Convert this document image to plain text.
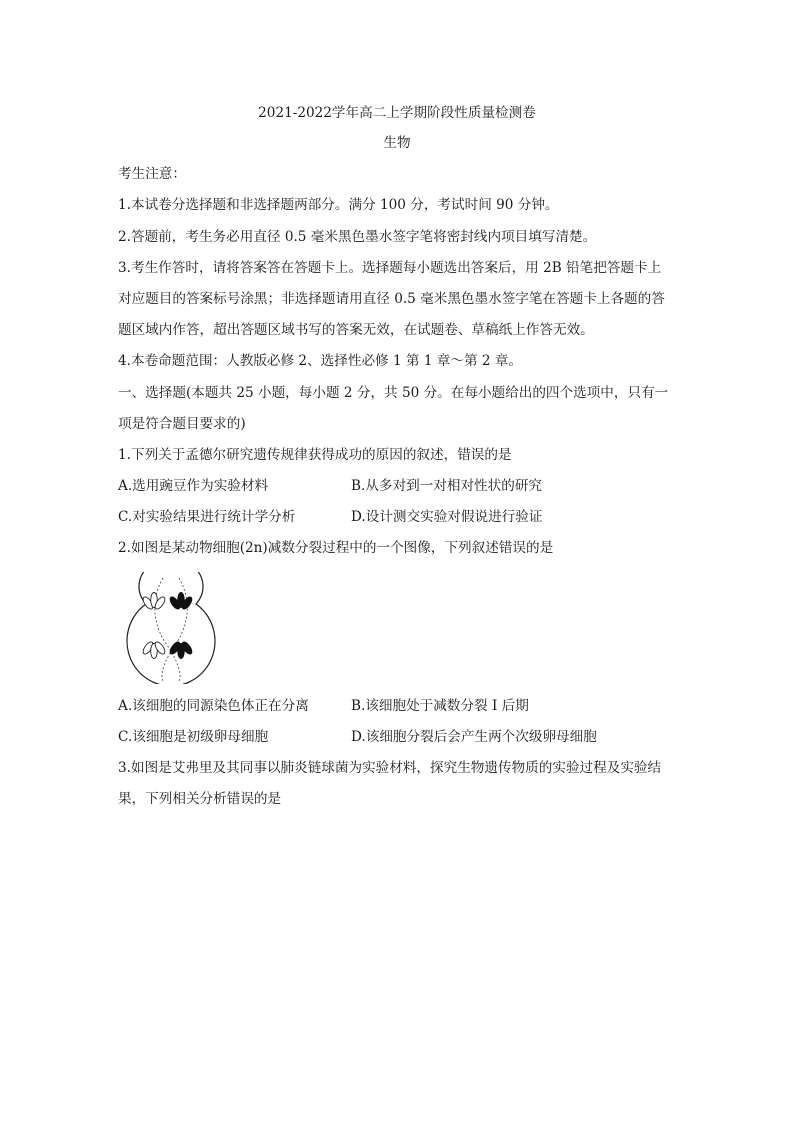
2021-2022学年高二上学期阶段性质量检测卷
生物
考生注意：
1.本试卷分选择题和非选择题两部分。满分 100 分，考试时间 90 分钟。
2.答题前，考生务必用直径 0.5 毫米黑色墨水签字笔将密封线内项目填写清楚。
3.考生作答时，请将答案答在答题卡上。选择题每小题选出答案后，用 2B 铅笔把答题卡上
对应题目的答案标号涂黑；非选择题请用直径 0.5 毫米黑色墨水签字笔在答题卡上各题的答
题区域内作答，超出答题区域书写的答案无效，在试题卷、草稿纸上作答无效。
4.本卷命题范围：人教版必修 2、选择性必修 1 第 1 章～第 2 章。
一、选择题(本题共 25 小题，每小题 2 分，共 50 分。在每小题给出的四个选项中，只有一
项是符合题目要求的)
1.下列关于孟德尔研究遗传规律获得成功的原因的叙述，错误的是
A.选用豌豆作为实验材料	B.从多对到一对相对性状的研究
C.对实验结果进行统计学分析	D.设计测交实验对假说进行验证
2.如图是某动物细胞(2n)减数分裂过程中的一个图像，下列叙述错误的是
A.该细胞的同源染色体正在分离	B.该细胞处于减数分裂 I 后期
C.该细胞是初级卵母细胞	D.该细胞分裂后会产生两个次级卵母细胞
3.如图是艾弗里及其同事以肺炎链球菌为实验材料，探究生物遗传物质的实验过程及实验结
果，下列相关分析错误的是
